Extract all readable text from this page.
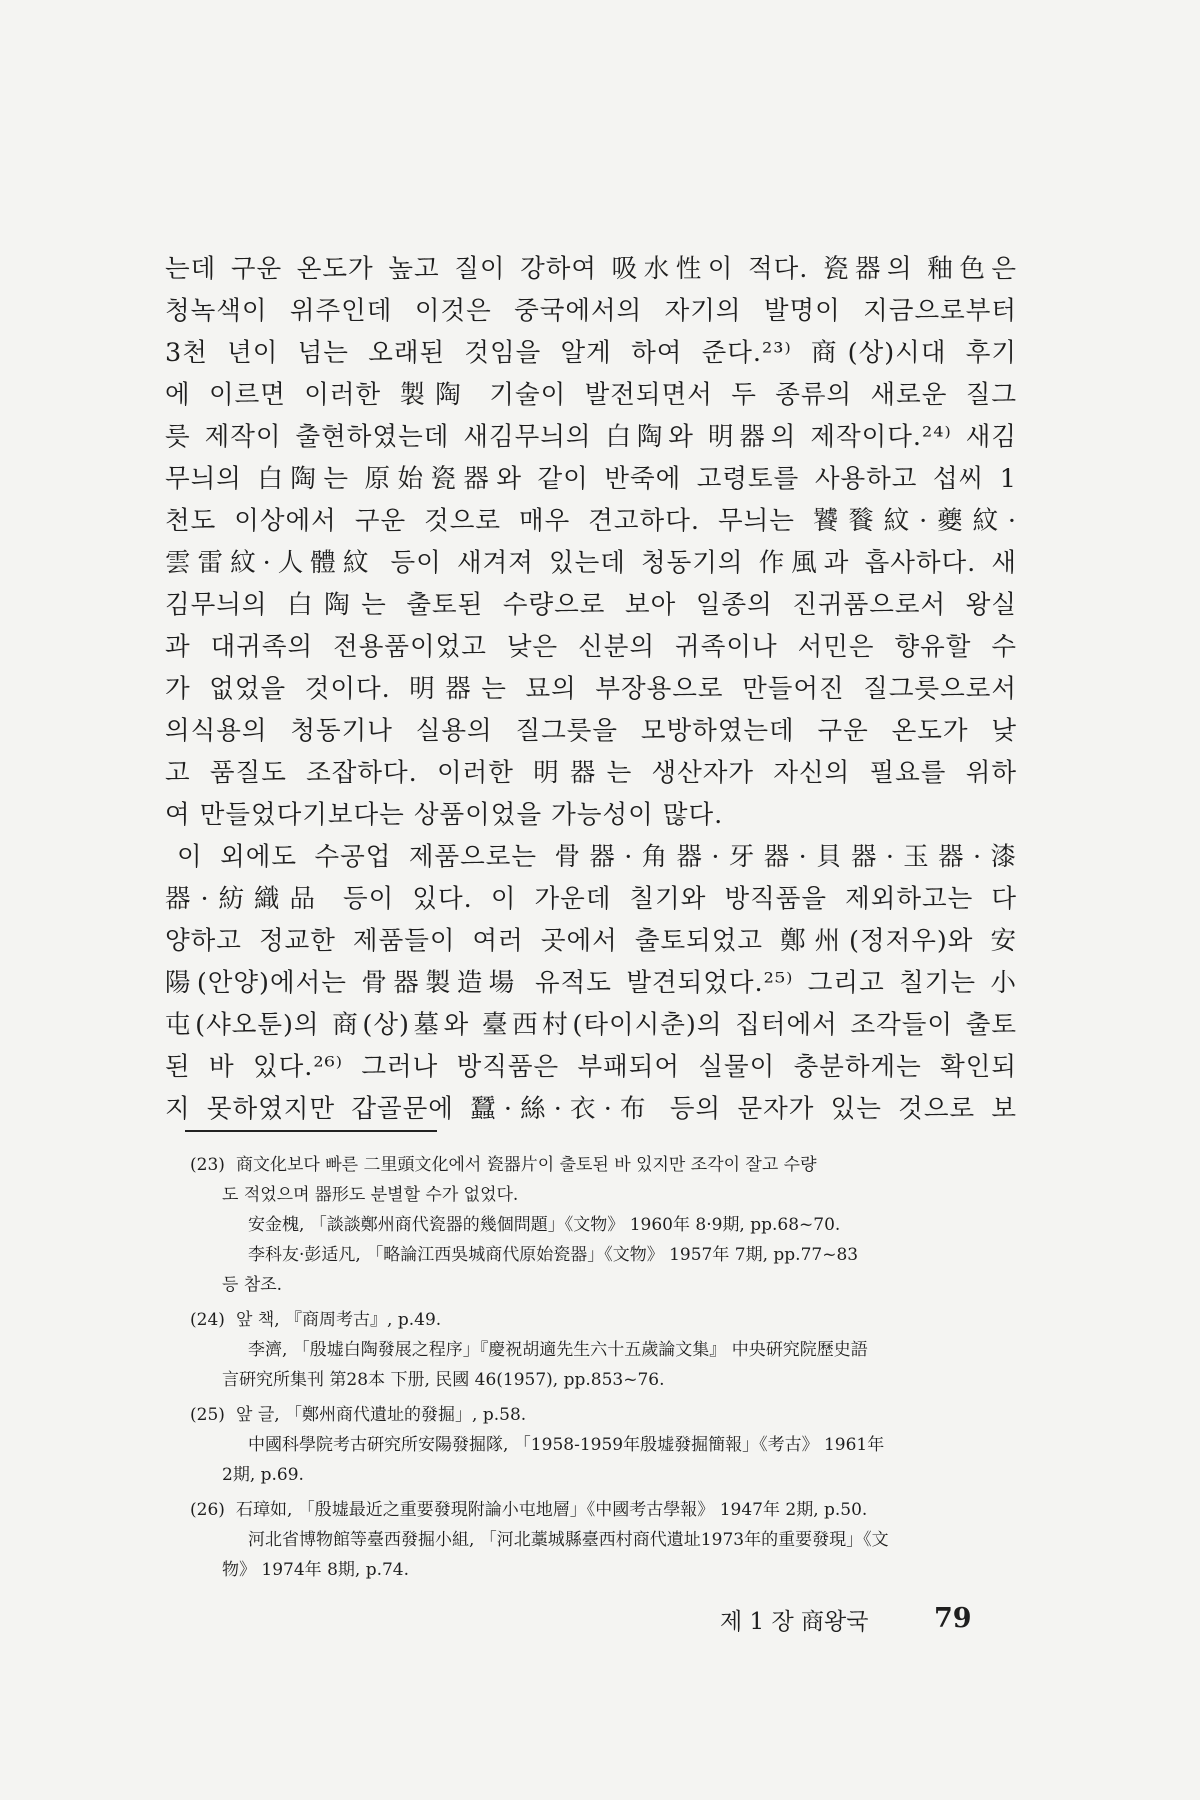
는데 구운 온도가 높고 질이 강하여 吸水性이 적다. 瓷器의 釉色은
청녹색이 위주인데 이것은 중국에서의 자기의 발명이 지금으로부터
3천 년이 넘는 오래된 것임을 알게 하여 준다.²³⁾ 商(상)시대 후기
에 이르면 이러한 製陶 기술이 발전되면서 두 종류의 새로운 질그
릇 제작이 출현하였는데 새김무늬의 白陶와 明器의 제작이다.²⁴⁾ 새김
무늬의 白陶는 原始瓷器와 같이 반죽에 고령토를 사용하고 섭씨 1
천도 이상에서 구운 것으로 매우 견고하다. 무늬는 饕餮紋·夔紋·
雲雷紋·人體紋 등이 새겨져 있는데 청동기의 作風과 흡사하다. 새
김무늬의 白陶는 출토된 수량으로 보아 일종의 진귀품으로서 왕실
과 대귀족의 전용품이었고 낮은 신분의 귀족이나 서민은 향유할 수
가 없었을 것이다. 明器는 묘의 부장용으로 만들어진 질그릇으로서
의식용의 청동기나 실용의 질그릇을 모방하였는데 구운 온도가 낮
고 품질도 조잡하다. 이러한 明器는 생산자가 자신의 필요를 위하
여 만들었다기보다는 상품이었을 가능성이 많다.
이 외에도 수공업 제품으로는 骨器·角器·牙器·貝器·玉器·漆
器·紡織品 등이 있다. 이 가운데 칠기와 방직품을 제외하고는 다
양하고 정교한 제품들이 여러 곳에서 출토되었고 鄭州(정저우)와 安
陽(안양)에서는 骨器製造場 유적도 발견되었다.²⁵⁾ 그리고 칠기는 小
屯(샤오툰)의 商(상)墓와 臺西村(타이시춘)의 집터에서 조각들이 출토
된 바 있다.²⁶⁾ 그러나 방직품은 부패되어 실물이 충분하게는 확인되
지 못하였지만 갑골문에 蠶·絲·衣·布 등의 문자가 있는 것으로 보
(23) 商文化보다 빠른 二里頭文化에서 瓷器片이 출토된 바 있지만 조각이 잘고 수량
도 적었으며 器形도 분별할 수가 없었다.
安金槐, 「談談鄭州商代瓷器的幾個問題」《文物》 1960年 8·9期, pp.68~70.
李科友·彭适凡, 「略論江西吳城商代原始瓷器」《文物》 1957年 7期, pp.77~83
등 참조.
(24) 앞 책, 『商周考古』, p.49.
李濟, 「殷墟白陶發展之程序」『慶祝胡適先生六十五歲論文集』 中央硏究院歷史語
言硏究所集刊 第28本 下册, 民國 46(1957), pp.853~76.
(25) 앞 글, 「鄭州商代遺址的發掘」, p.58.
中國科學院考古硏究所安陽發掘隊, 「1958-1959年殷墟發掘簡報」《考古》 1961年
2期, p.69.
(26) 石璋如, 「殷墟最近之重要發現附論小屯地層」《中國考古學報》 1947年 2期, p.50.
河北省博物館等臺西發掘小組, 「河北藁城縣臺西村商代遺址1973年的重要發現」《文
物》 1974年 8期, p.74.
제 1 장 商왕국 79
